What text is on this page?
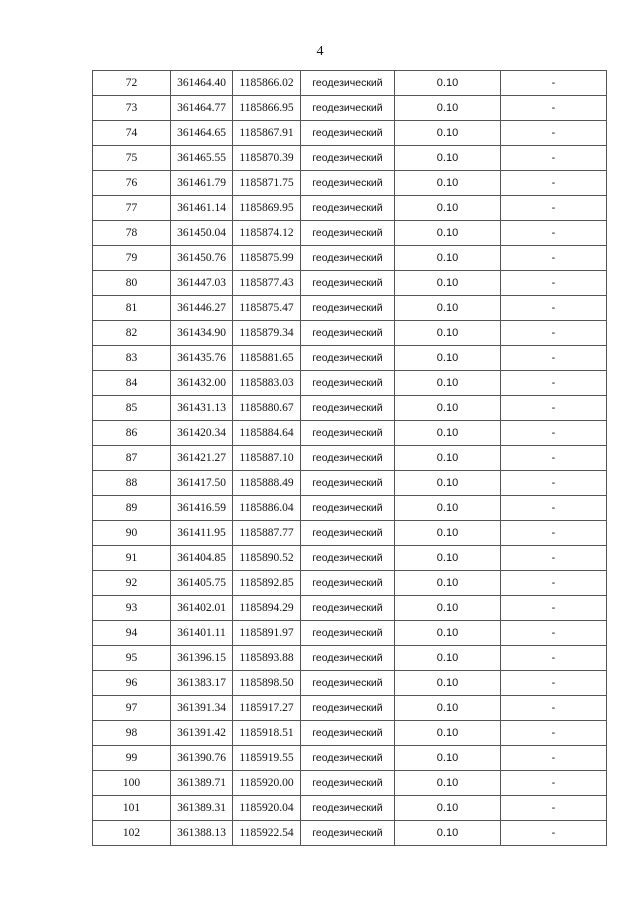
4
72	361464.40	1185866.02	геодезический	0.10	-
73	361464.77	1185866.95	геодезический	0.10	-
74	361464.65	1185867.91	геодезический	0.10	-
75	361465.55	1185870.39	геодезический	0.10	-
76	361461.79	1185871.75	геодезический	0.10	-
77	361461.14	1185869.95	геодезический	0.10	-
78	361450.04	1185874.12	геодезический	0.10	-
79	361450.76	1185875.99	геодезический	0.10	-
80	361447.03	1185877.43	геодезический	0.10	-
81	361446.27	1185875.47	геодезический	0.10	-
82	361434.90	1185879.34	геодезический	0.10	-
83	361435.76	1185881.65	геодезический	0.10	-
84	361432.00	1185883.03	геодезический	0.10	-
85	361431.13	1185880.67	геодезический	0.10	-
86	361420.34	1185884.64	геодезический	0.10	-
87	361421.27	1185887.10	геодезический	0.10	-
88	361417.50	1185888.49	геодезический	0.10	-
89	361416.59	1185886.04	геодезический	0.10	-
90	361411.95	1185887.77	геодезический	0.10	-
91	361404.85	1185890.52	геодезический	0.10	-
92	361405.75	1185892.85	геодезический	0.10	-
93	361402.01	1185894.29	геодезический	0.10	-
94	361401.11	1185891.97	геодезический	0.10	-
95	361396.15	1185893.88	геодезический	0.10	-
96	361383.17	1185898.50	геодезический	0.10	-
97	361391.34	1185917.27	геодезический	0.10	-
98	361391.42	1185918.51	геодезический	0.10	-
99	361390.76	1185919.55	геодезический	0.10	-
100	361389.71	1185920.00	геодезический	0.10	-
101	361389.31	1185920.04	геодезический	0.10	-
102	361388.13	1185922.54	геодезический	0.10	-
